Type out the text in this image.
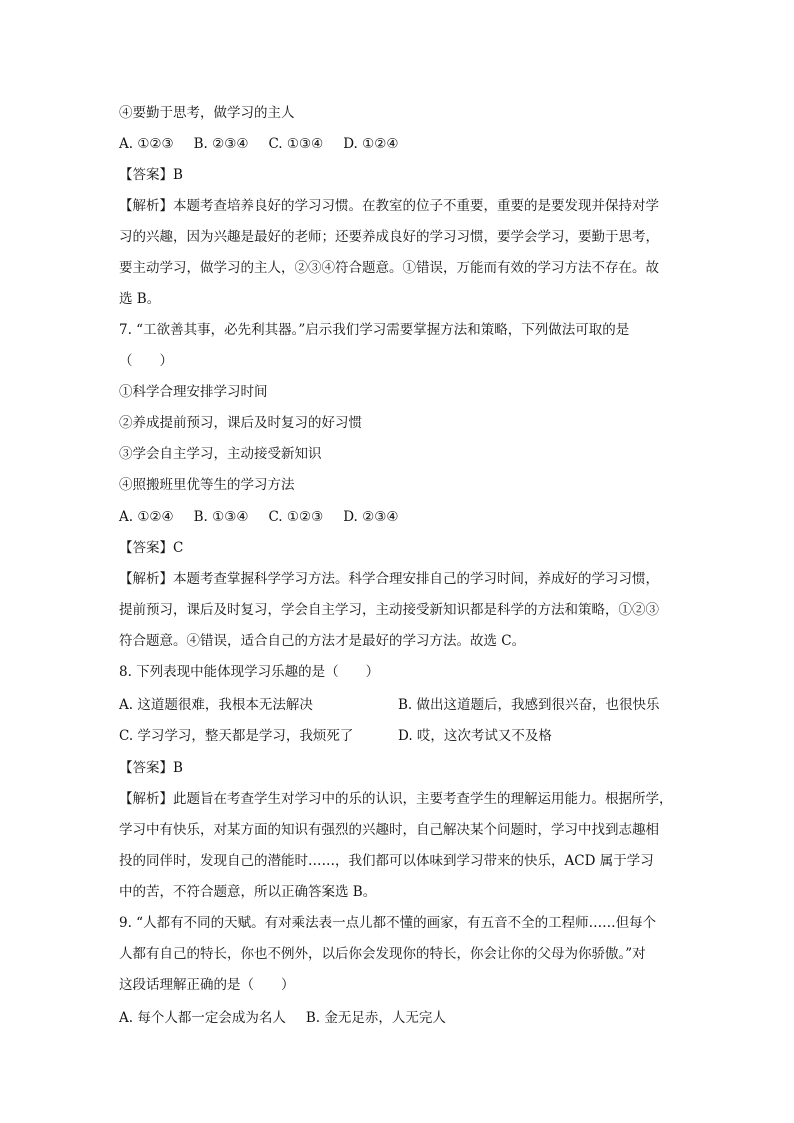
④要勤于思考，做学习的主人
A. ①②③ B. ②③④ C. ①③④ D. ①②④
【答案】B
【解析】本题考查培养良好的学习习惯。在教室的位子不重要，重要的是要发现并保持对学
习的兴趣，因为兴趣是最好的老师；还要养成良好的学习习惯，要学会学习，要勤于思考，
要主动学习，做学习的主人，②③④符合题意。①错误，万能而有效的学习方法不存在。故
选 B。
7. “工欲善其事，必先利其器。”启示我们学习需要掌握方法和策略，下列做法可取的是
（　　）
①科学合理安排学习时间
②养成提前预习，课后及时复习的好习惯
③学会自主学习，主动接受新知识
④照搬班里优等生的学习方法
A. ①②④ B. ①③④ C. ①②③ D. ②③④
【答案】C
【解析】本题考查掌握科学学习方法。科学合理安排自己的学习时间，养成好的学习习惯，
提前预习，课后及时复习，学会自主学习，主动接受新知识都是科学的方法和策略，①②③
符合题意。④错误，适合自己的方法才是最好的学习方法。故选 C。
8. 下列表现中能体现学习乐趣的是（　　）
A. 这道题很难，我根本无法解决	B. 做出这道题后，我感到很兴奋，也很快乐
C. 学习学习，整天都是学习，我烦死了	D. 哎，这次考试又不及格
【答案】B
【解析】此题旨在考查学生对学习中的乐的认识，主要考查学生的理解运用能力。根据所学，
学习中有快乐，对某方面的知识有强烈的兴趣时，自己解决某个问题时，学习中找到志趣相
投的同伴时，发现自己的潜能时……，我们都可以体味到学习带来的快乐，ACD 属于学习
中的苦，不符合题意，所以正确答案选 B。
9. “人都有不同的天赋。有对乘法表一点儿都不懂的画家，有五音不全的工程师……但每个
人都有自己的特长，你也不例外，以后你会发现你的特长，你会让你的父母为你骄傲。”对
这段话理解正确的是（　　）
A. 每个人都一定会成为名人 B. 金无足赤，人无完人
